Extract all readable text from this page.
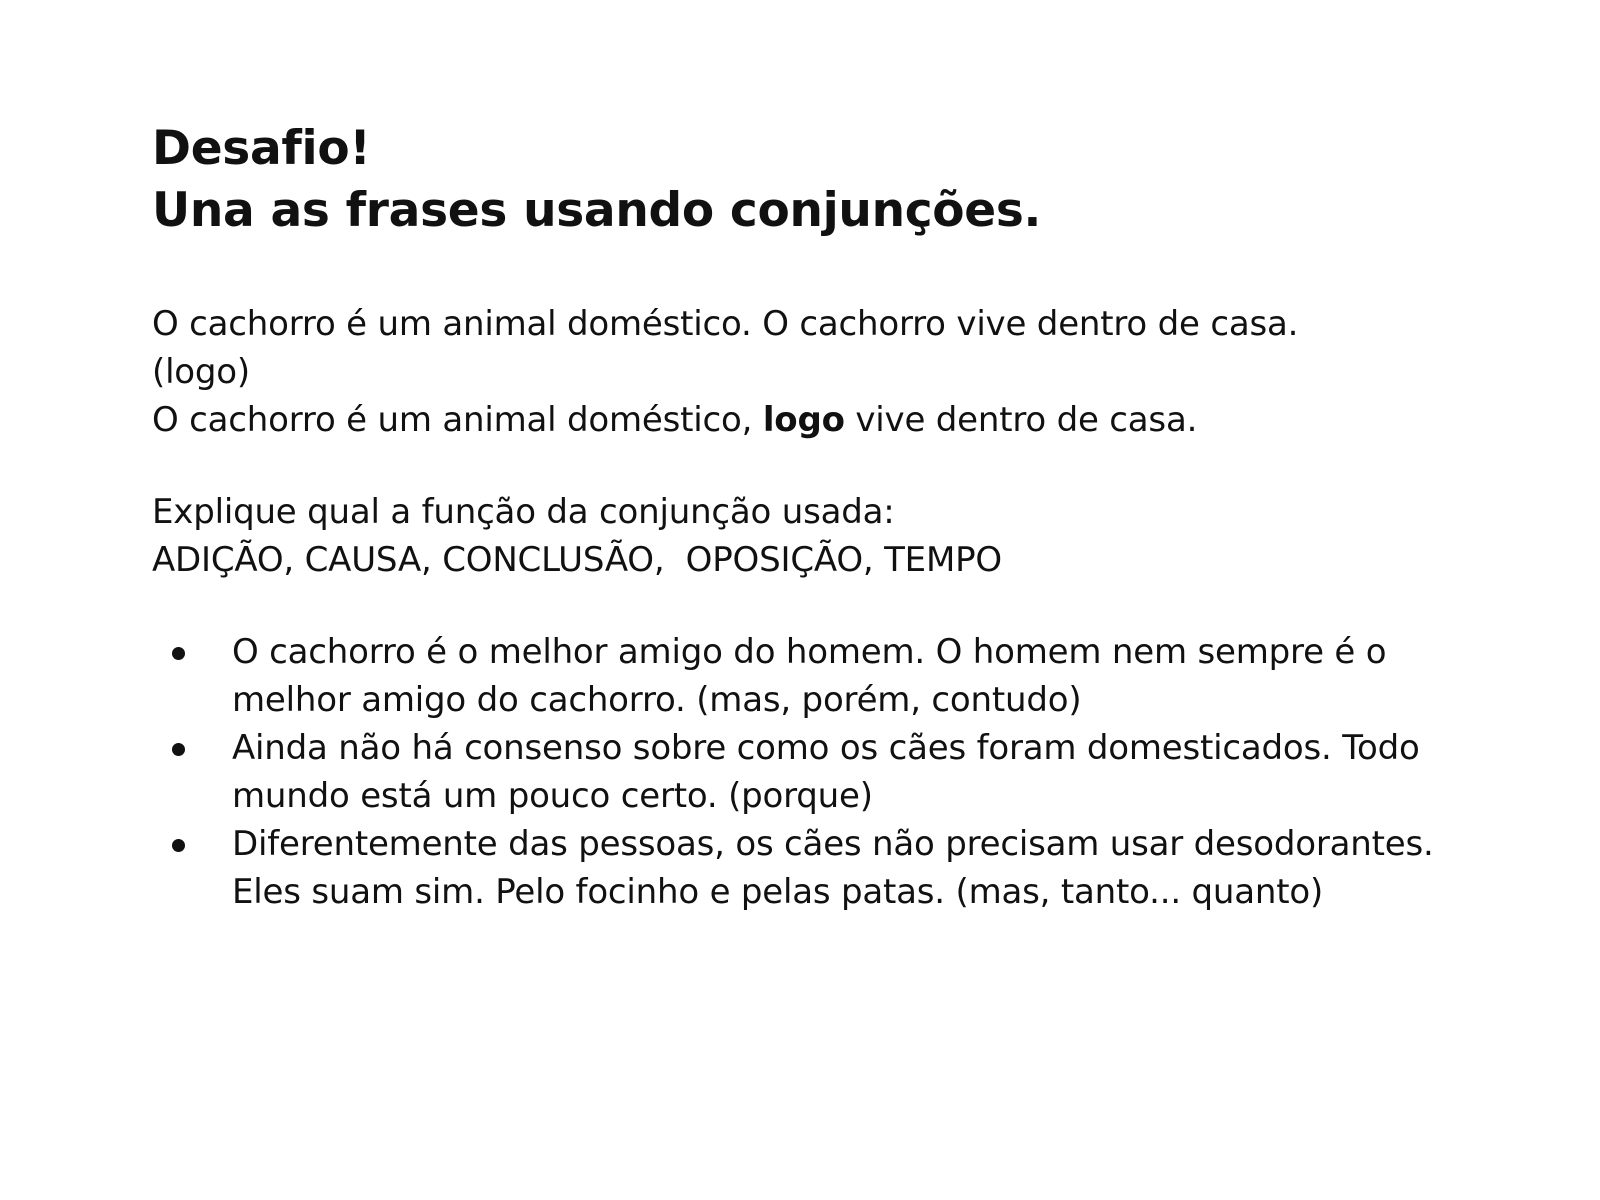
Desafio!
Una as frases usando conjunções.
O cachorro é um animal doméstico. O cachorro vive dentro de casa.
(logo)
O cachorro é um animal doméstico, logo vive dentro de casa.
Explique qual a função da conjunção usada:
ADIÇÃO, CAUSA, CONCLUSÃO,  OPOSIÇÃO, TEMPO
O cachorro é o melhor amigo do homem. O homem nem sempre é o melhor amigo do cachorro. (mas, porém, contudo)
Ainda não há consenso sobre como os cães foram domesticados. Todo mundo está um pouco certo. (porque)
Diferentemente das pessoas, os cães não precisam usar desodorantes. Eles suam sim. Pelo focinho e pelas patas. (mas, tanto... quanto)
